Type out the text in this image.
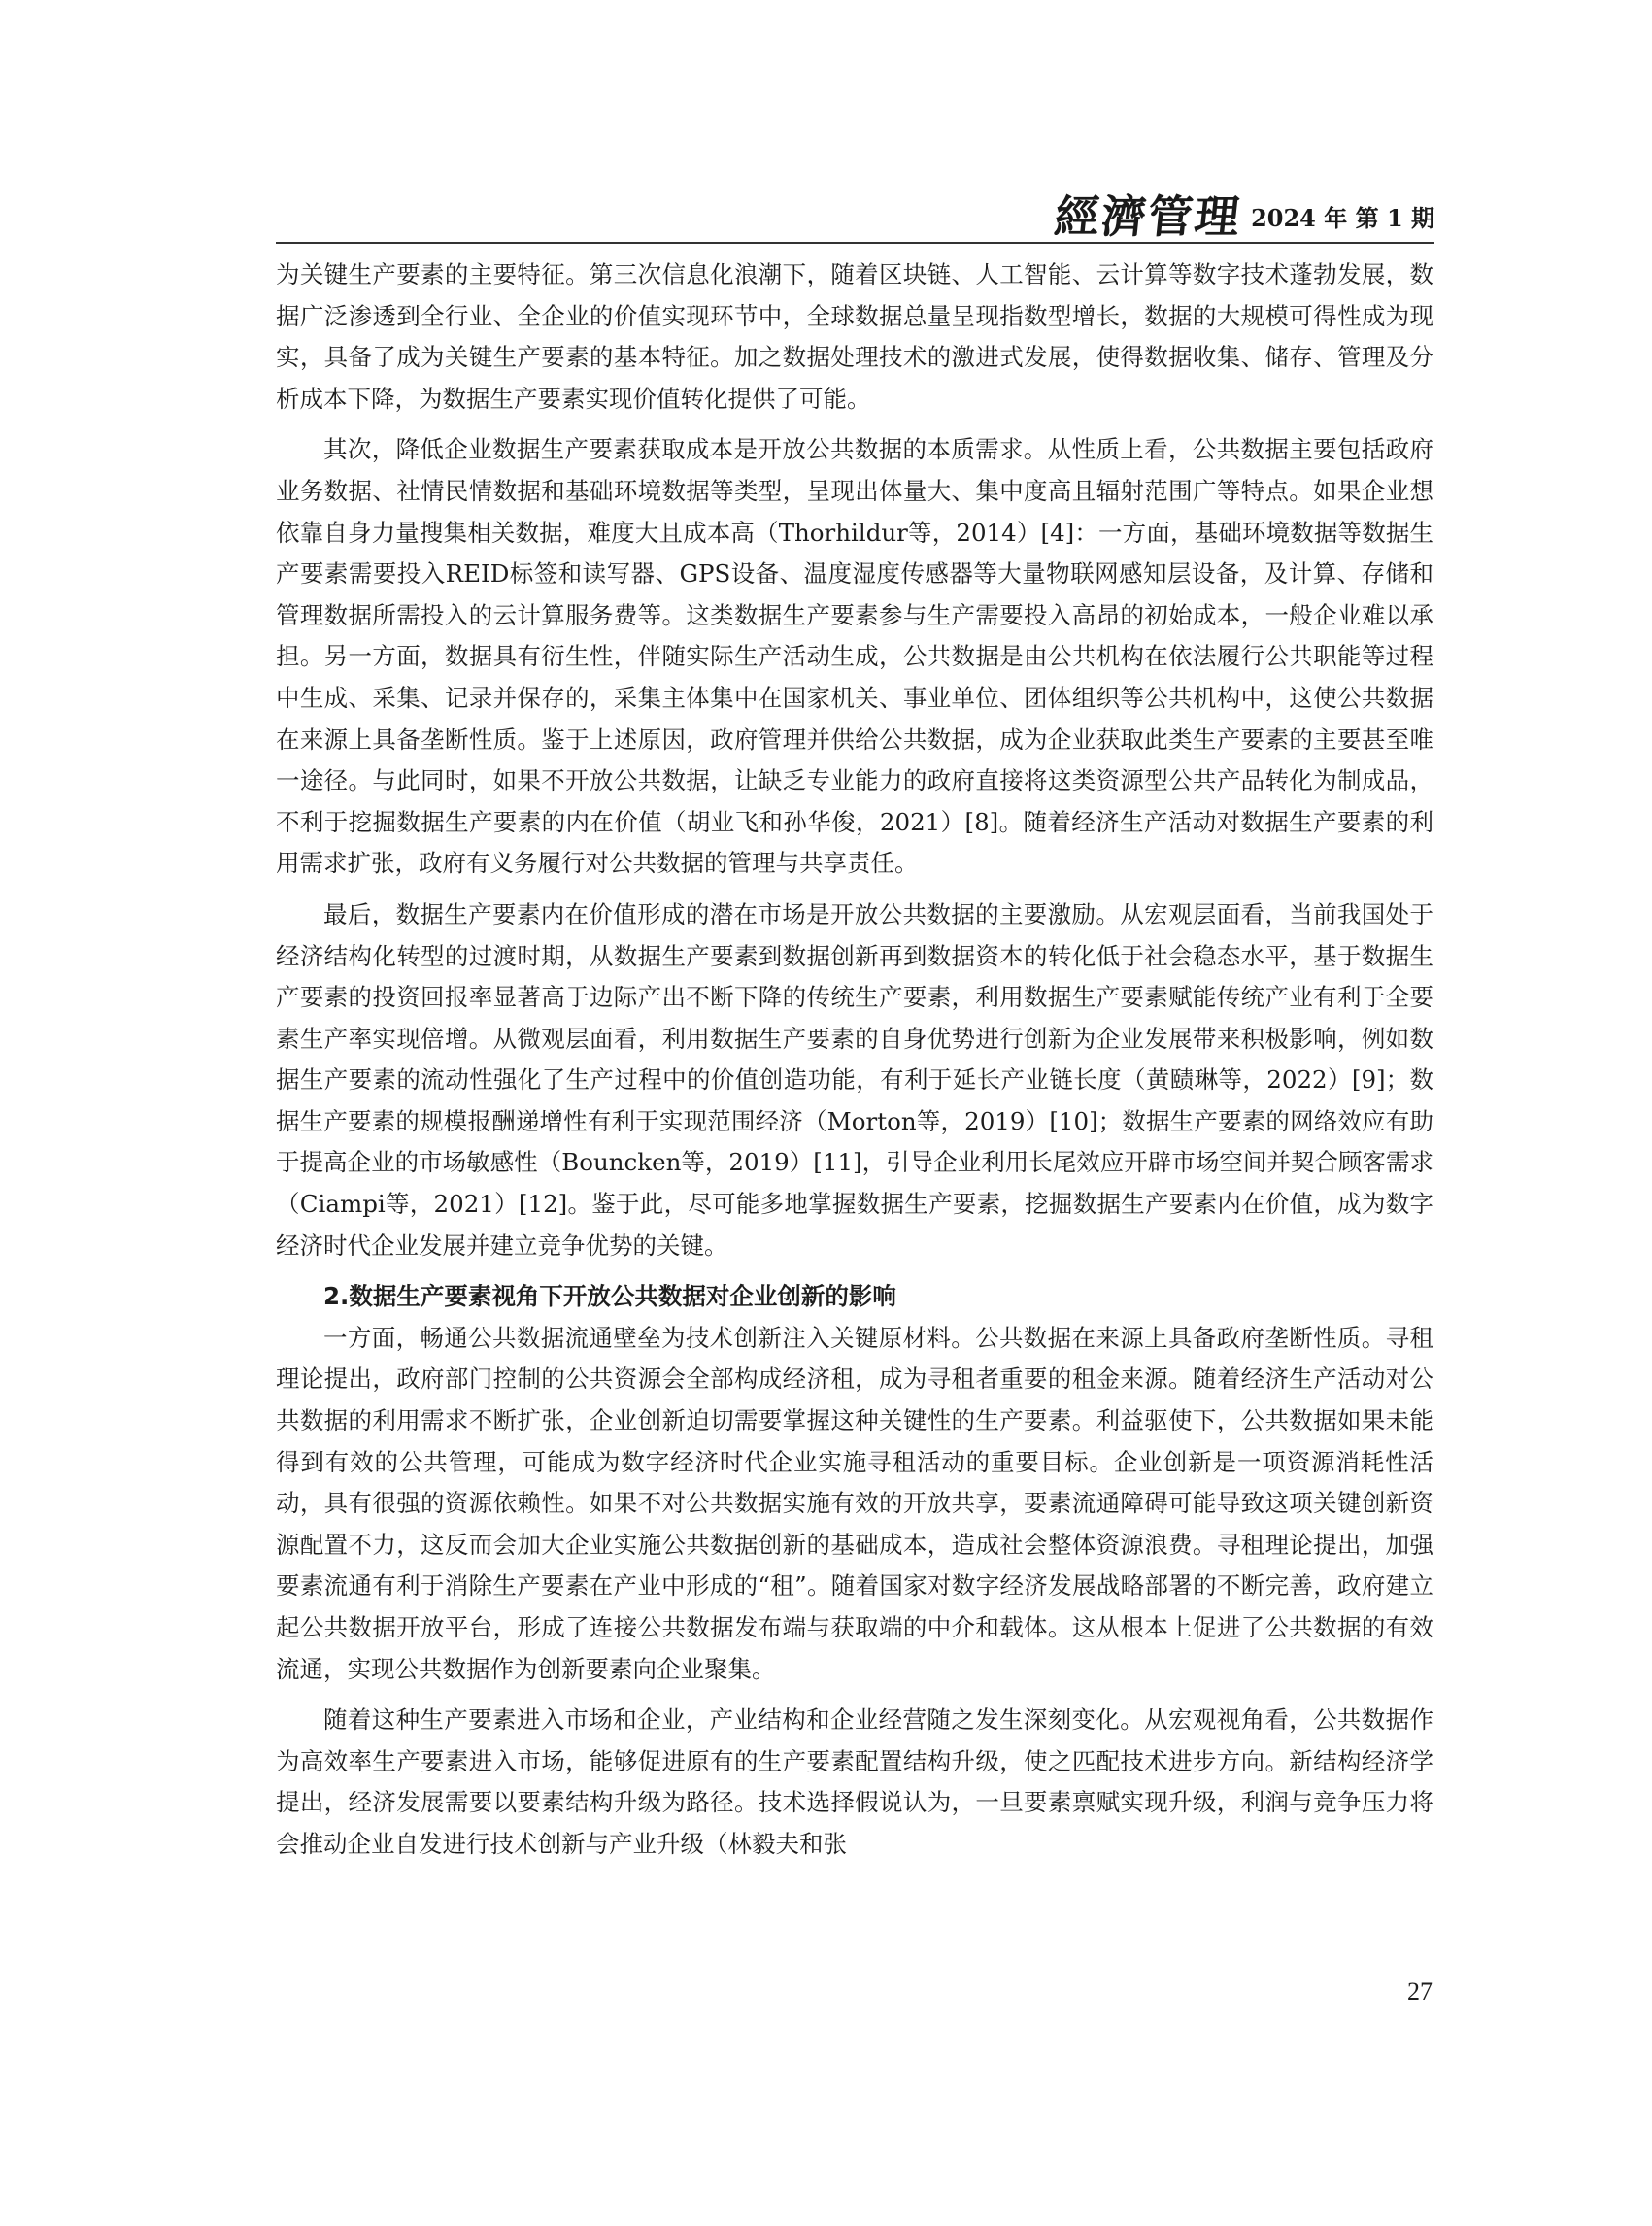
經濟管理 2024 年 第 1 期

为关键生产要素的主要特征。第三次信息化浪潮下，随着区块链、人工智能、云计算等数字技术蓬勃发展，数据广泛渗透到全行业、全企业的价值实现环节中，全球数据总量呈现指数型增长，数据的大规模可得性成为现实，具备了成为关键生产要素的基本特征。加之数据处理技术的激进式发展，使得数据收集、储存、管理及分析成本下降，为数据生产要素实现价值转化提供了可能。

其次，降低企业数据生产要素获取成本是开放公共数据的本质需求。从性质上看，公共数据主要包括政府业务数据、社情民情数据和基础环境数据等类型，呈现出体量大、集中度高且辐射范围广等特点。如果企业想依靠自身力量搜集相关数据，难度大且成本高（Thorhildur等，2014）[4]：一方面，基础环境数据等数据生产要素需要投入REID标签和读写器、GPS设备、温度湿度传感器等大量物联网感知层设备，及计算、存储和管理数据所需投入的云计算服务费等。这类数据生产要素参与生产需要投入高昂的初始成本，一般企业难以承担。另一方面，数据具有衍生性，伴随实际生产活动生成，公共数据是由公共机构在依法履行公共职能等过程中生成、采集、记录并保存的，采集主体集中在国家机关、事业单位、团体组织等公共机构中，这使公共数据在来源上具备垄断性质。鉴于上述原因，政府管理并供给公共数据，成为企业获取此类生产要素的主要甚至唯一途径。与此同时，如果不开放公共数据，让缺乏专业能力的政府直接将这类资源型公共产品转化为制成品，不利于挖掘数据生产要素的内在价值（胡业飞和孙华俊，2021）[8]。随着经济生产活动对数据生产要素的利用需求扩张，政府有义务履行对公共数据的管理与共享责任。

最后，数据生产要素内在价值形成的潜在市场是开放公共数据的主要激励。从宏观层面看，当前我国处于经济结构化转型的过渡时期，从数据生产要素到数据创新再到数据资本的转化低于社会稳态水平，基于数据生产要素的投资回报率显著高于边际产出不断下降的传统生产要素，利用数据生产要素赋能传统产业有利于全要素生产率实现倍增。从微观层面看，利用数据生产要素的自身优势进行创新为企业发展带来积极影响，例如数据生产要素的流动性强化了生产过程中的价值创造功能，有利于延长产业链长度（黄赜琳等，2022）[9]；数据生产要素的规模报酬递增性有利于实现范围经济（Morton等，2019）[10]；数据生产要素的网络效应有助于提高企业的市场敏感性（Bouncken等，2019）[11]，引导企业利用长尾效应开辟市场空间并契合顾客需求（Ciampi等，2021）[12]。鉴于此，尽可能多地掌握数据生产要素，挖掘数据生产要素内在价值，成为数字经济时代企业发展并建立竞争优势的关键。

2.数据生产要素视角下开放公共数据对企业创新的影响

一方面，畅通公共数据流通壁垒为技术创新注入关键原材料。公共数据在来源上具备政府垄断性质。寻租理论提出，政府部门控制的公共资源会全部构成经济租，成为寻租者重要的租金来源。随着经济生产活动对公共数据的利用需求不断扩张，企业创新迫切需要掌握这种关键性的生产要素。利益驱使下，公共数据如果未能得到有效的公共管理，可能成为数字经济时代企业实施寻租活动的重要目标。企业创新是一项资源消耗性活动，具有很强的资源依赖性。如果不对公共数据实施有效的开放共享，要素流通障碍可能导致这项关键创新资源配置不力，这反而会加大企业实施公共数据创新的基础成本，造成社会整体资源浪费。寻租理论提出，加强要素流通有利于消除生产要素在产业中形成的“租”。随着国家对数字经济发展战略部署的不断完善，政府建立起公共数据开放平台，形成了连接公共数据发布端与获取端的中介和载体。这从根本上促进了公共数据的有效流通，实现公共数据作为创新要素向企业聚集。

随着这种生产要素进入市场和企业，产业结构和企业经营随之发生深刻变化。从宏观视角看，公共数据作为高效率生产要素进入市场，能够促进原有的生产要素配置结构升级，使之匹配技术进步方向。新结构经济学提出，经济发展需要以要素结构升级为路径。技术选择假说认为，一旦要素禀赋实现升级，利润与竞争压力将会推动企业自发进行技术创新与产业升级（林毅夫和张

27
